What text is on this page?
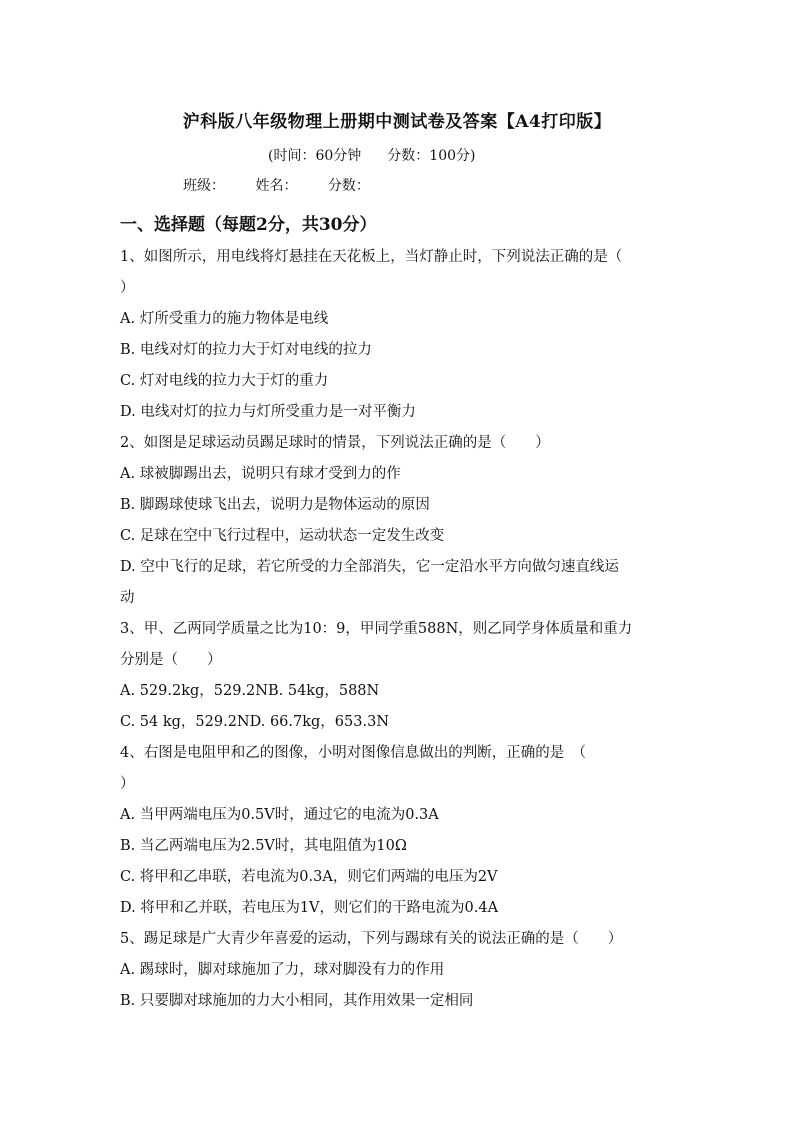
沪科版八年级物理上册期中测试卷及答案【A4打印版】
(时间：60分钟 分数：100分)
班级： 姓名： 分数：
一、选择题（每题2分，共30分）
1、如图所示，用电线将灯悬挂在天花板上，当灯静止时，下列说法正确的是（
）
A. 灯所受重力的施力物体是电线
B. 电线对灯的拉力大于灯对电线的拉力
C. 灯对电线的拉力大于灯的重力
D. 电线对灯的拉力与灯所受重力是一对平衡力
2、如图是足球运动员踢足球时的情景，下列说法正确的是（　　）
A. 球被脚踢出去，说明只有球才受到力的作
B. 脚踢球使球飞出去，说明力是物体运动的原因
C. 足球在空中飞行过程中，运动状态一定发生改变
D. 空中飞行的足球，若它所受的力全部消失，它一定沿水平方向做匀速直线运
动
3、甲、乙两同学质量之比为10：9，甲同学重588N，则乙同学身体质量和重力
分别是（　　）
A. 529.2kg，529.2NB. 54kg，588N
C. 54 kg，529.2ND. 66.7kg，653.3N
4、右图是电阻甲和乙的图像，小明对图像信息做出的判断，正确的是　（
）
A. 当甲两端电压为0.5V时，通过它的电流为0.3A
B. 当乙两端电压为2.5V时，其电阻值为10Ω
C. 将甲和乙串联，若电流为0.3A，则它们两端的电压为2V
D. 将甲和乙并联，若电压为1V，则它们的干路电流为0.4A
5、踢足球是广大青少年喜爱的运动，下列与踢球有关的说法正确的是（　　）
A. 踢球时，脚对球施加了力，球对脚没有力的作用
B. 只要脚对球施加的力大小相同，其作用效果一定相同
